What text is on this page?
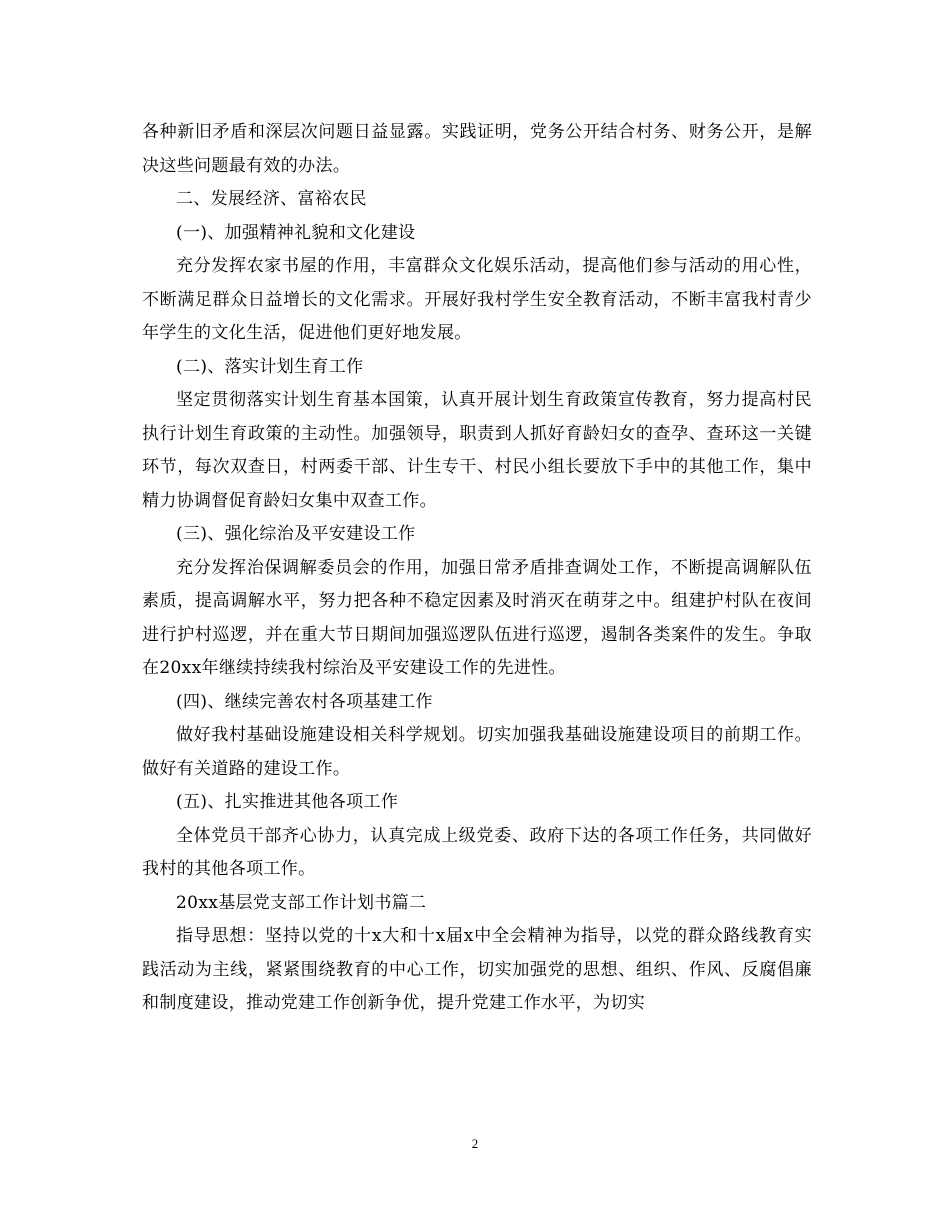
各种新旧矛盾和深层次问题日益显露。实践证明，党务公开结合村务、财务公开，是解决这些问题最有效的办法。

二、发展经济、富裕农民

(一)、加强精神礼貌和文化建设

充分发挥农家书屋的作用，丰富群众文化娱乐活动，提高他们参与活动的用心性，不断满足群众日益增长的文化需求。开展好我村学生安全教育活动，不断丰富我村青少年学生的文化生活，促进他们更好地发展。

(二)、落实计划生育工作

坚定贯彻落实计划生育基本国策，认真开展计划生育政策宣传教育，努力提高村民执行计划生育政策的主动性。加强领导，职责到人抓好育龄妇女的查孕、查环这一关键环节，每次双查日，村两委干部、计生专干、村民小组长要放下手中的其他工作，集中精力协调督促育龄妇女集中双查工作。

(三)、强化综治及平安建设工作

充分发挥治保调解委员会的作用，加强日常矛盾排查调处工作，不断提高调解队伍素质，提高调解水平，努力把各种不稳定因素及时消灭在萌芽之中。组建护村队在夜间进行护村巡逻，并在重大节日期间加强巡逻队伍进行巡逻，遏制各类案件的发生。争取在20xx年继续持续我村综治及平安建设工作的先进性。

(四)、继续完善农村各项基建工作

做好我村基础设施建设相关科学规划。切实加强我基础设施建设项目的前期工作。做好有关道路的建设工作。

(五)、扎实推进其他各项工作

全体党员干部齐心协力，认真完成上级党委、政府下达的各项工作任务，共同做好我村的其他各项工作。

20xx基层党支部工作计划书篇二

指导思想：坚持以党的十x大和十x届x中全会精神为指导，以党的群众路线教育实践活动为主线，紧紧围绕教育的中心工作，切实加强党的思想、组织、作风、反腐倡廉和制度建设，推动党建工作创新争优，提升党建工作水平，为切实

2
